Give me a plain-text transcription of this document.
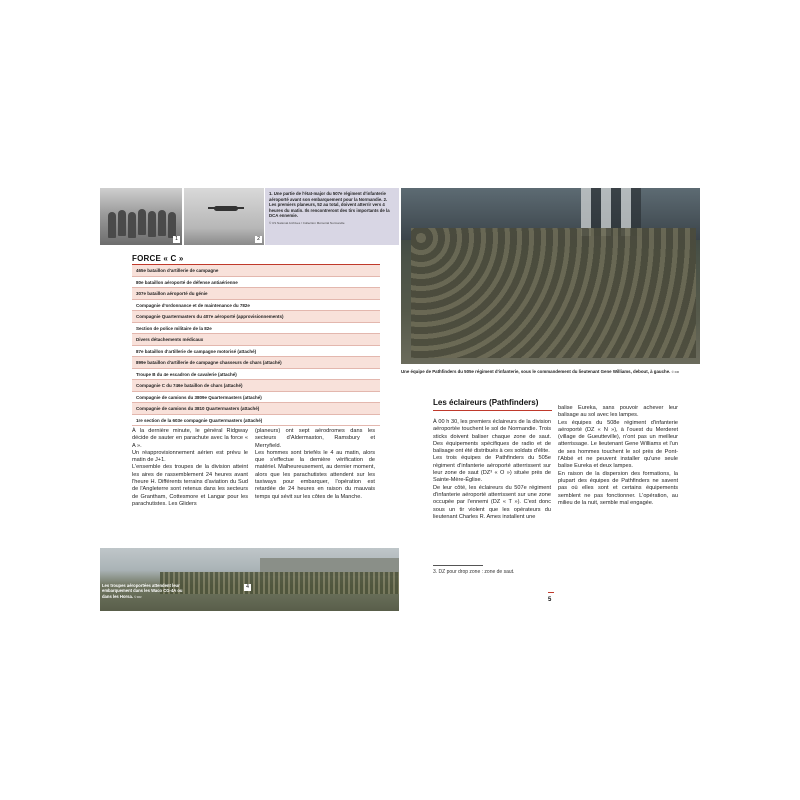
1	2
1. Une partie de l'état-major du 507e régiment d'infanterie aéroporté avant son embarquement pour la Normandie. 2. Les premiers planeurs, 52 au total, doivent atterrir vers 4 heures du matin. Ils rencontreront des tirs importants de la DCA ennemie.
© US National Archives / Collection Mémorial Normandie
FORCE « C »
465e bataillon d'artillerie de campagne
80e bataillon aéroporté de défense antiaérienne
307e bataillon aéroporté du génie
Compagnie d'ordonnance et de maintenance du 782e
Compagnie Quartermasters du 407e aéroporté (approvisionnements)
Section de police militaire de la 82e
Divers détachements médicaux
87e bataillon d'artillerie de campagne motorisé (attaché)
899e bataillon d'artillerie de campagne chasseurs de chars (attaché)
Troupe B du 4e escadron de cavalerie (attaché)
Compagnie C du 746e bataillon de chars (attaché)
Compagnie de camions du 3809e Quartermasters (attaché)
Compagnie de camions du 3810 Quartermasters (attaché)
1re section de la 603e compagnie Quartermasters (attaché)

À la dernière minute, le général Ridgway décide de sauter en parachute avec la force « A ».

Un réapprovisionnement aérien est prévu le matin de J+1.

L'ensemble des troupes de la division atteint les aires de rassemblement 24 heures avant l'heure H. Différents terrains d'aviation du Sud de l'Angleterre sont retenus dans les secteurs de Grantham, Cottesmore et Langar pour les parachutistes. Les Gliders

(planeurs) ont sept aérodromes dans les secteurs d'Aldermaston, Ramsbury et Merryfield.

Les hommes sont briefés le 4 au matin, alors que s'effectue la dernière vérification de matériel. Malheureusement, au dernier moment, alors que les parachutistes attendent sur les taxiways pour embarquer, l'opération est retardée de 24 heures en raison du mauvais temps qui sévit sur les côtes de la Manche.

4
Les troupes aéroportées attendent leur embarquement dans les Waco CG-4A ou dans les Horsa. © DR
Une équipe de Pathfinders du 505e régiment d'infanterie, sous le commandement du lieutenant Gene Williams, debout, à gauche. © DR
Les éclaireurs (Pathfinders)

À 00 h 30, les premiers éclaireurs de la division aéroportée touchent le sol de Normandie. Trois sticks doivent baliser chaque zone de saut. Des équipements spécifiques de radio et de balisage ont été distribués à ces soldats d'élite.

Les trois équipes de Pathfinders du 505e régiment d'infanterie aéroporté atterrissent sur leur zone de saut (DZ³ « O ») située près de Sainte-Mère-Église.

De leur côté, les éclaireurs du 507e régiment d'infanterie aéroporté atterrissent sur une zone occupée par l'ennemi (DZ « T »). C'est donc sous un tir violent que les opérateurs du lieutenant Charles R. Ames installent une

balise Eureka, sans pouvoir achever leur balisage au sol avec les lampes.

Les équipes du 508e régiment d'infanterie aéroporté (DZ « N »), à l'ouest du Merderet (village de Gueutteville), n'ont pas un meilleur atterrissage. Le lieutenant Gene Williams et l'un de ses hommes touchent le sol près de Pont-l'Abbé et ne peuvent installer qu'une seule balise Eureka et deux lampes.

En raison de la dispersion des formations, la plupart des équipes de Pathfinders ne savent pas où elles sont et certains équipements semblent ne pas fonctionner. L'opération, au milieu de la nuit, semble mal engagée.

3. DZ pour drop zone : zone de saut.
5
